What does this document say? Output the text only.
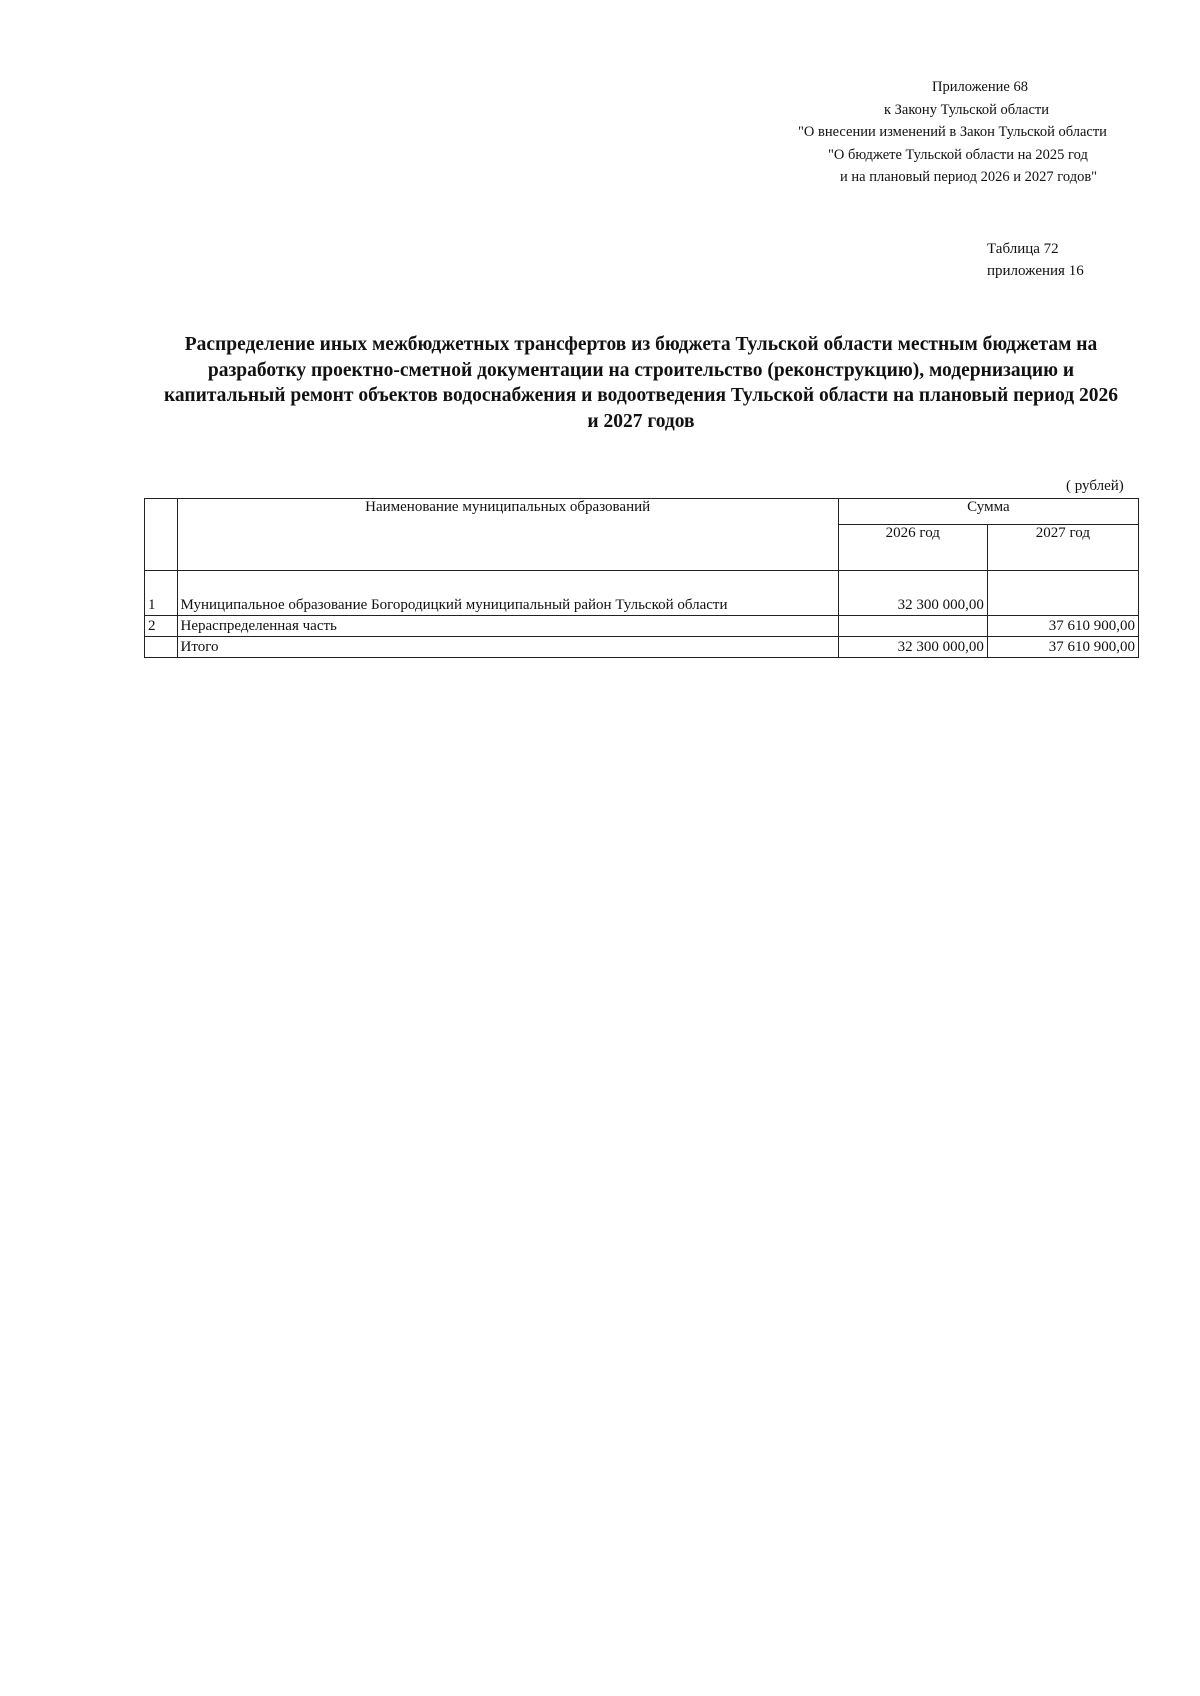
Приложение 68
к Закону Тульской области
"О внесении изменений в Закон Тульской области
"О бюджете Тульской области на 2025 год
и на плановый период 2026 и 2027 годов"
Таблица 72
приложения 16
Распределение иных межбюджетных трансфертов из бюджета Тульской области местным бюджетам на
разработку проектно-сметной документации на строительство (реконструкцию), модернизацию и
капитальный ремонт объектов водоснабжения и водоотведения Тульской области на плановый период 2026
и 2027 годов
( рублей)
	Наименование муниципальных образований	Сумма	
		2026 год	2027 год
1	Муниципальное образование Богородицкий муниципальный район Тульской области	32 300 000,00	
2	Нераспределенная часть		37 610 900,00
	Итого	32 300 000,00	37 610 900,00
